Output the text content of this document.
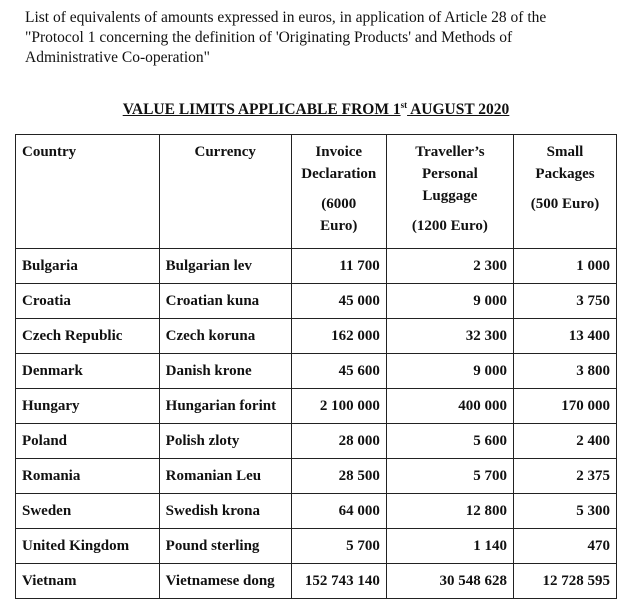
List of equivalents of amounts expressed in euros, in application of Article 28 of the
"Protocol 1 concerning the definition of 'Originating Products' and Methods of
Administrative Co-operation"

VALUE LIMITS APPLICABLE FROM 1st AUGUST 2020
Country	Currency	Invoice
Declaration
(6000
Euro)	Traveller’s
Personal
Luggage
(1200 Euro)	Small
Packages
(500 Euro)

Bulgaria	Bulgarian lev	11 700	2 300	1 000
Croatia	Croatian kuna	45 000	9 000	3 750
Czech Republic	Czech koruna	162 000	32 300	13 400
Denmark	Danish krone	45 600	9 000	3 800
Hungary	Hungarian forint	2 100 000	400 000	170 000
Poland	Polish zloty	28 000	5 600	2 400
Romania	Romanian Leu	28 500	5 700	2 375
Sweden	Swedish krona	64 000	12 800	5 300
United Kingdom	Pound sterling	5 700	1 140	470
Vietnam	Vietnamese dong	152 743 140	30 548 628	12 728 595
